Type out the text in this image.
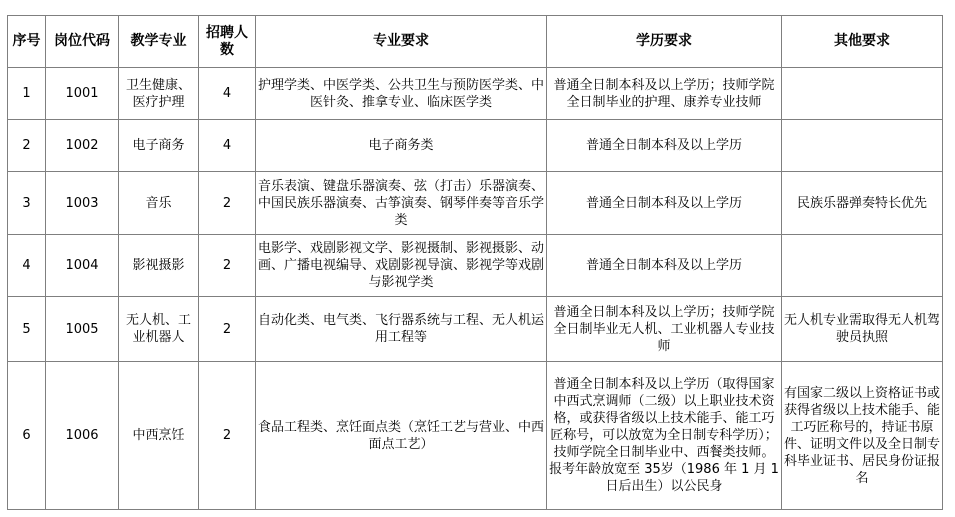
序号	岗位代码	教学专业	招聘人数	专业要求	学历要求	其他要求
1	1001	卫生健康、医疗护理	4	护理学类、中医学类、公共卫生与预防医学类、中医针灸、推拿专业、临床医学类	普通全日制本科及以上学历；技师学院全日制毕业的护理、康养专业技师	
2	1002	电子商务	4	电子商务类	普通全日制本科及以上学历	
3	1003	音乐	2	音乐表演、键盘乐器演奏、弦（打击）乐器演奏、中国民族乐器演奏、古筝演奏、钢琴伴奏等音乐学类	普通全日制本科及以上学历	民族乐器弹奏特长优先
4	1004	影视摄影	2	电影学、戏剧影视文学、影视摄制、影视摄影、动画、广播电视编导、戏剧影视导演、影视学等戏剧与影视学类	普通全日制本科及以上学历	
5	1005	无人机、工业机器人	2	自动化类、电气类、飞行器系统与工程、无人机运用工程等	普通全日制本科及以上学历；技师学院全日制毕业无人机、工业机器人专业技师	无人机专业需取得无人机驾驶员执照
6	1006	中西烹饪	2	食品工程类、烹饪面点类（烹饪工艺与营业、中西面点工艺）	普通全日制本科及以上学历（取得国家中西式烹调师（二级）以上职业技术资格，或获得省级以上技术能手、能工巧匠称号，可以放宽为全日制专科学历）；技师学院全日制毕业中、西餐类技师。报考年龄放宽至 35岁（1986 年 1 月 1 日后出生）以公民身	有国家二级以上资格证书或获得省级以上技术能手、能工巧匠称号的，持证书原件、证明文件以及全日制专科毕业证书、居民身份证报名
